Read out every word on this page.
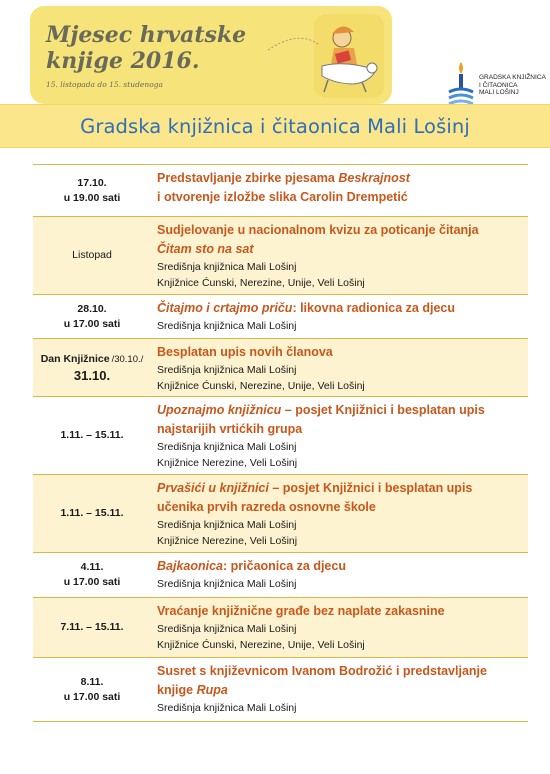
Mjesec hrvatske
knjige 2016.
15. listopada do 15. studenoga
GRADSKA KNJIŽNICA
I ČITAONICA
MALI LOŠINJ
Gradska knjižnica i čitaonica Mali Lošinj
17.10.
u 19.00 sati
Predstavljanje zbirke pjesama Beskrajnost
i otvorenje izložbe slika Carolin Drempetić
Listopad
Sudjelovanje u nacionalnom kvizu za poticanje čitanja
Čitam sto na sat
Središnja knjižnica Mali Lošinj
Knjižnice Ćunski, Nerezine, Unije, Veli Lošinj
28.10.
u 17.00 sati
Čitajmo i crtajmo priču: likovna radionica za djecu
Središnja knjižnica Mali Lošinj
Dan Knjižnice /30.10./
31.10.
Besplatan upis novih članova
Središnja knjižnica Mali Lošinj
Knjižnice Ćunski, Nerezine, Unije, Veli Lošinj
1.11. – 15.11.
Upoznajmo knjižnicu – posjet Knjižnici i besplatan upis
najstarijih vrtićkih grupa
Središnja knjižnica Mali Lošinj
Knjižnice Nerezine, Veli Lošinj
1.11. – 15.11.
Prvašići u knjižnici – posjet Knjižnici i besplatan upis
učenika prvih razreda osnovne škole
Središnja knjižnica Mali Lošinj
Knjižnice Nerezine, Veli Lošinj
4.11.
u 17.00 sati
Bajkaonica: pričaonica za djecu
Središnja knjižnica Mali Lošinj
7.11. – 15.11.
Vraćanje knjižnične građe bez naplate zakasnine
Središnja knjižnica Mali Lošinj
Knjižnice Ćunski, Nerezine, Unije, Veli Lošinj
8.11.
u 17.00 sati
Susret s književnicom Ivanom Bodrožić i predstavljanje
knjige Rupa
Središnja knjižnica Mali Lošinj
